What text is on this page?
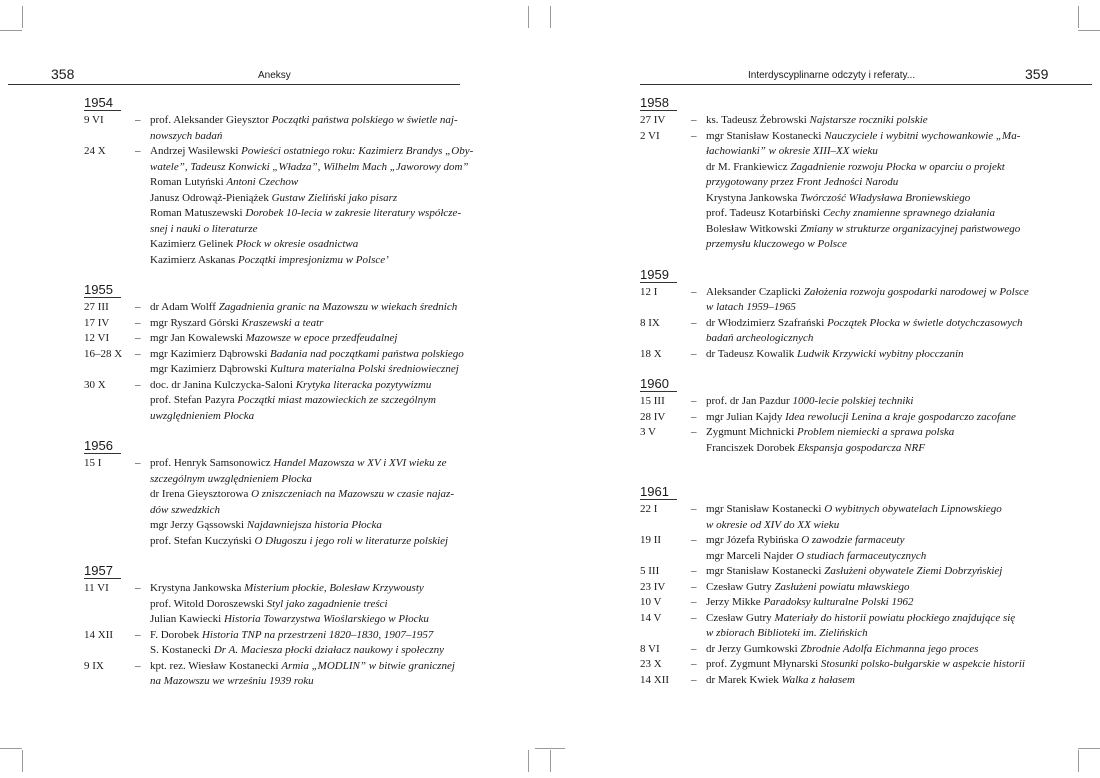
358	Aneksy
1954
9 VI	– prof. Aleksander Gieysztor Początki państwa polskiego w świetle naj-
nowszych badań
24 X	– Andrzej Wasilewski Powieści ostatniego roku: Kazimierz Brandys „Oby-
watele”, Tadeusz Konwicki „Władza”, Wilhelm Mach „Jaworowy dom”
Roman Lutyński Antoni Czechow
Janusz Odrowąż-Pieniążek Gustaw Zieliński jako pisarz
Roman Matuszewski Dorobek 10-lecia w zakresie literatury współcze-
snej i nauki o literaturze
Kazimierz Gelinek Płock w okresie osadnictwa
Kazimierz Askanas Początki impresjonizmu w Polsce’
1955
27 III – dr Adam Wolff Zagadnienia granic na Mazowszu w wiekach średnich
17 IV – mgr Ryszard Górski Kraszewski a teatr
12 VI – mgr Jan Kowalewski Mazowsze w epoce przedfeudalnej
16–28 X – mgr Kazimierz Dąbrowski Badania nad początkami państwa polskiego
mgr Kazimierz Dąbrowski Kultura materialna Polski średniowiecznej
30 X	– doc. dr Janina Kulczycka-Saloni Krytyka literacka pozytywizmu
prof. Stefan Pazyra Początki miast mazowieckich ze szczególnym
uwzględnieniem Płocka
1956
15 I	– prof. Henryk Samsonowicz Handel Mazowsza w XV i XVI wieku ze
szczególnym uwzględnieniem Płocka
dr Irena Gieysztorowa O zniszczeniach na Mazowszu w czasie najaz-
dów szwedzkich
mgr Jerzy Gąssowski Najdawniejsza historia Płocka
prof. Stefan Kuczyński O Długoszu i jego roli w literaturze polskiej
1957
11 VI – Krystyna Jankowska Misterium płockie, Bolesław Krzywousty
prof. Witold Doroszewski Styl jako zagadnienie treści
Julian Kawiecki Historia Towarzystwa Wioślarskiego w Płocku
14 XII – F. Dorobek Historia TNP na przestrzeni 1820–1830, 1907–1957
S. Kostanecki Dr A. Maciesza płocki działacz naukowy i społeczny
9 IX	– kpt. rez. Wiesław Kostanecki Armia „MODLIN” w bitwie granicznej
na Mazowszu we wrześniu 1939 roku
Interdyscyplinarne odczyty i referaty...	359
1958
27 IV – ks. Tadeusz Żebrowski Najstarsze roczniki polskie
2 VI	– mgr Stanisław Kostanecki Nauczyciele i wybitni wychowankowie „Ma-
łachowianki” w okresie XIII–XX wieku
dr M. Frankiewicz Zagadnienie rozwoju Płocka w oparciu o projekt
przygotowany przez Front Jedności Narodu
Krystyna Jankowska Twórczość Władysława Broniewskiego
prof. Tadeusz Kotarbiński Cechy znamienne sprawnego działania
Bolesław Witkowski Zmiany w strukturze organizacyjnej państwowego
przemysłu kluczowego w Polsce
1959
12 I	– Aleksander Czaplicki Założenia rozwoju gospodarki narodowej w Polsce
w latach 1959–1965
8 IX	– dr Włodzimierz Szafrański Początek Płocka w świetle dotychczasowych
badań archeologicznych
18 X	– dr Tadeusz Kowalik Ludwik Krzywicki wybitny płocczanin
1960
15 III – prof. dr Jan Pazdur 1000-lecie polskiej techniki
28 IV – mgr Julian Kajdy Idea rewolucji Lenina a kraje gospodarczo zacofane
3 V	– Zygmunt Michnicki Problem niemiecki a sprawa polska
Franciszek Dorobek Ekspansja gospodarcza NRF
1961
22 I	– mgr Stanisław Kostanecki O wybitnych obywatelach Lipnowskiego
w okresie od XIV do XX wieku
19 II	– mgr Józefa Rybińska O zawodzie farmaceuty
mgr Marceli Najder O studiach farmaceutycznych
5 III	– mgr Stanisław Kostanecki Zasłużeni obywatele Ziemi Dobrzyńskiej
23 IV – Czesław Gutry Zasłużeni powiatu mławskiego
10 V	– Jerzy Mikke Paradoksy kulturalne Polski 1962
14 V	– Czesław Gutry Materiały do historii powiatu płockiego znajdujące się
w zbiorach Biblioteki im. Zielińskich
8 VI	– dr Jerzy Gumkowski Zbrodnie Adolfa Eichmanna jego proces
23 X	– prof. Zygmunt Młynarski Stosunki polsko-bułgarskie w aspekcie historii
14 XII – dr Marek Kwiek Walka z hałasem
